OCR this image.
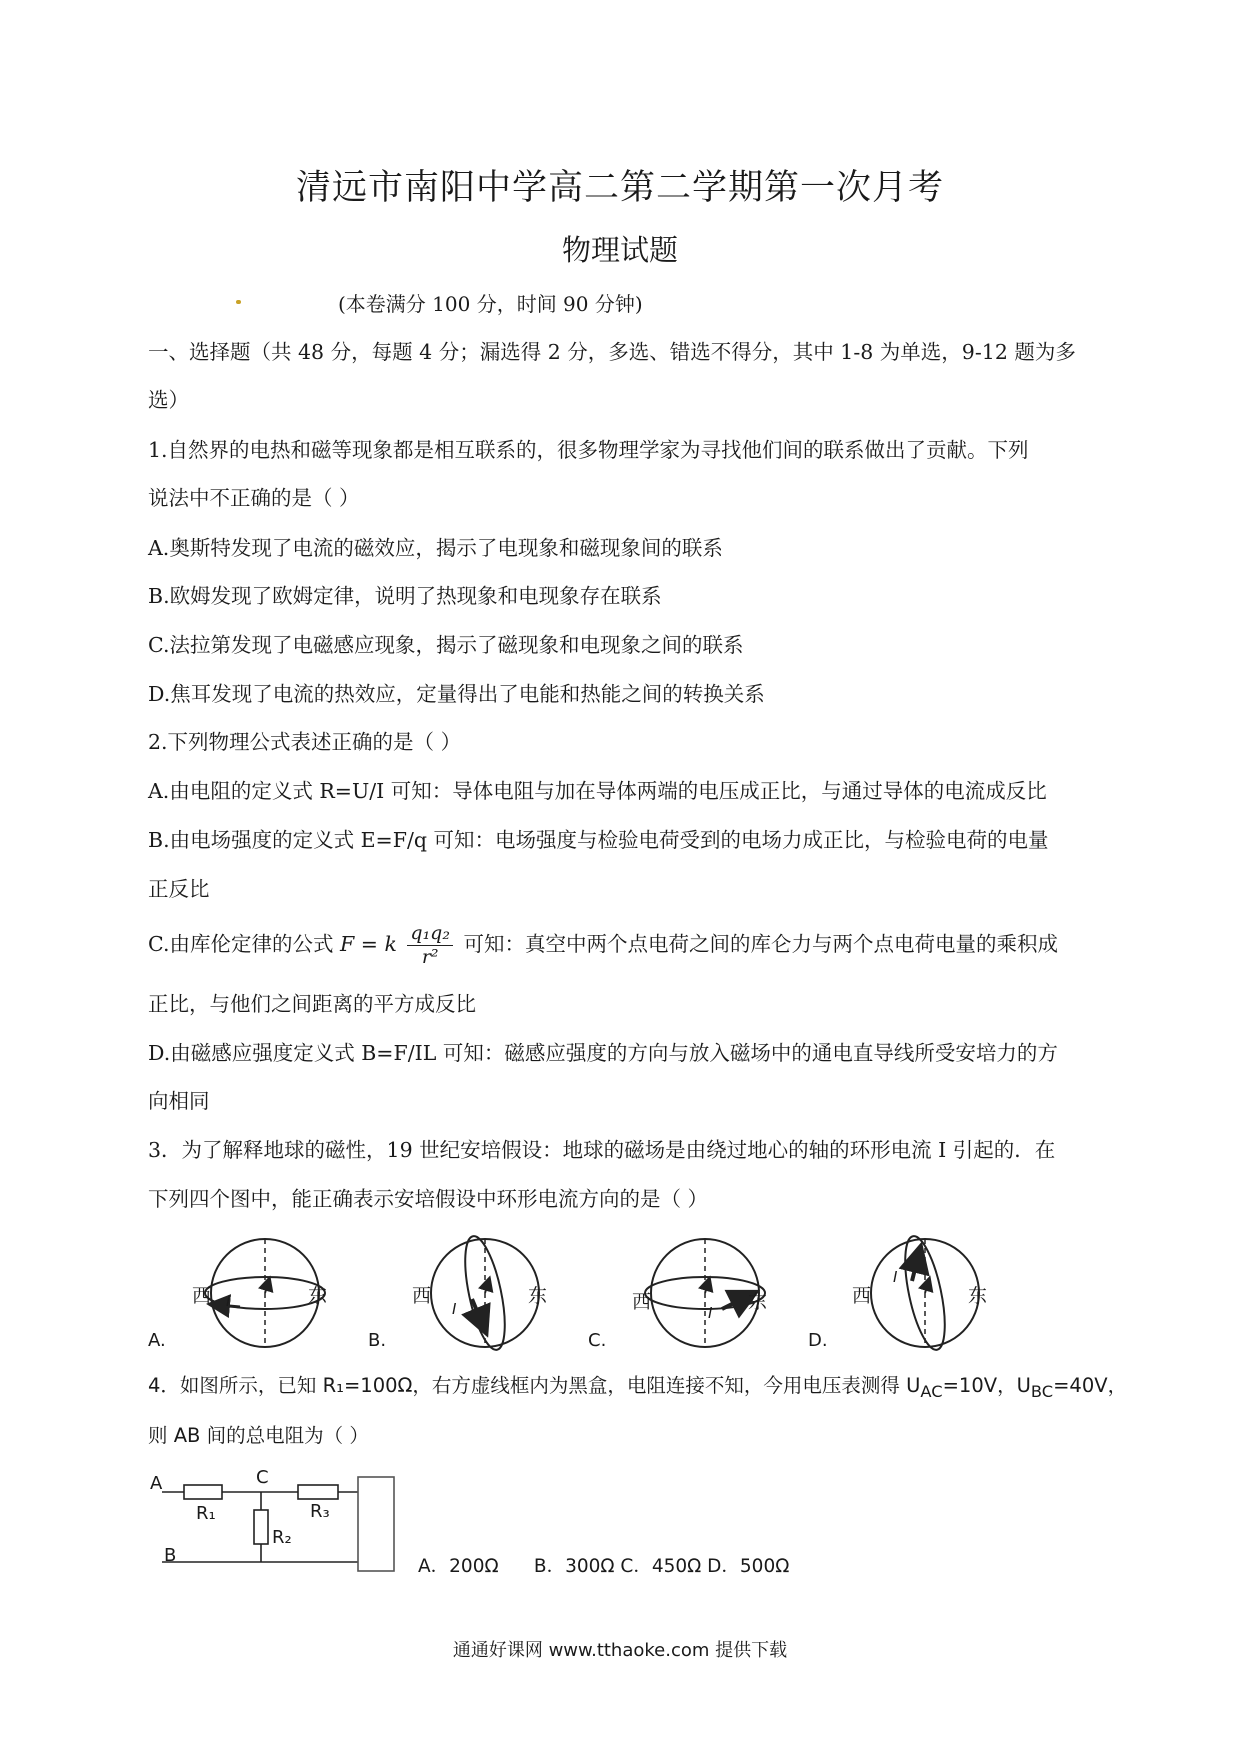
清远市南阳中学高二第二学期第一次月考
物理试题
(本卷满分 100 分，时间 90 分钟)
一、选择题（共 48 分，每题 4 分；漏选得 2 分，多选、错选不得分，其中 1-8 为单选，9-12 题为多
选）
1.自然界的电热和磁等现象都是相互联系的，很多物理学家为寻找他们间的联系做出了贡献。下列
说法中不正确的是（ ）
A.奥斯特发现了电流的磁效应，揭示了电现象和磁现象间的联系
B.欧姆发现了欧姆定律，说明了热现象和电现象存在联系
C.法拉第发现了电磁感应现象，揭示了磁现象和电现象之间的联系
D.焦耳发现了电流的热效应，定量得出了电能和热能之间的转换关系
2.下列物理公式表述正确的是（ ）
A.由电阻的定义式 R=U/I 可知：导体电阻与加在导体两端的电压成正比，与通过导体的电流成反比
B.由电场强度的定义式 E=F/q 可知：电场强度与检验电荷受到的电场力成正比，与检验电荷的电量
正反比
C.由库伦定律的公式 F = k $\frac{\text{q₁q₂}}{\text{r²}}$ 可知：真空中两个点电荷之间的库仑力与两个点电荷电量的乘积成
正比，与他们之间距离的平方成反比
D.由磁感应强度定义式 B=F/IL 可知：磁感应强度的方向与放入磁场中的通电直导线所受安培力的方
向相同
3．为了解释地球的磁性，19 世纪安培假设：地球的磁场是由绕过地心的轴的环形电流 I 引起的．在
下列四个图中，能正确表示安培假设中环形电流方向的是（ ）
西	东
I	西	东
I	西	东
I
西	东
I
A.	B.	C.	D.
4．如图所示，已知 R₁=100Ω，右方虚线框内为黑盒，电阻连接不知，今用电压表测得 $U_{AC}=10V$，$U_{BC}=40V$，
则 AB 间的总电阻为（ ）
A
B
C
R₁
R₂
R₃
A．200Ω      B．300Ω C．450Ω D．500Ω
通通好课网 www.tthaoke.com 提供下载
